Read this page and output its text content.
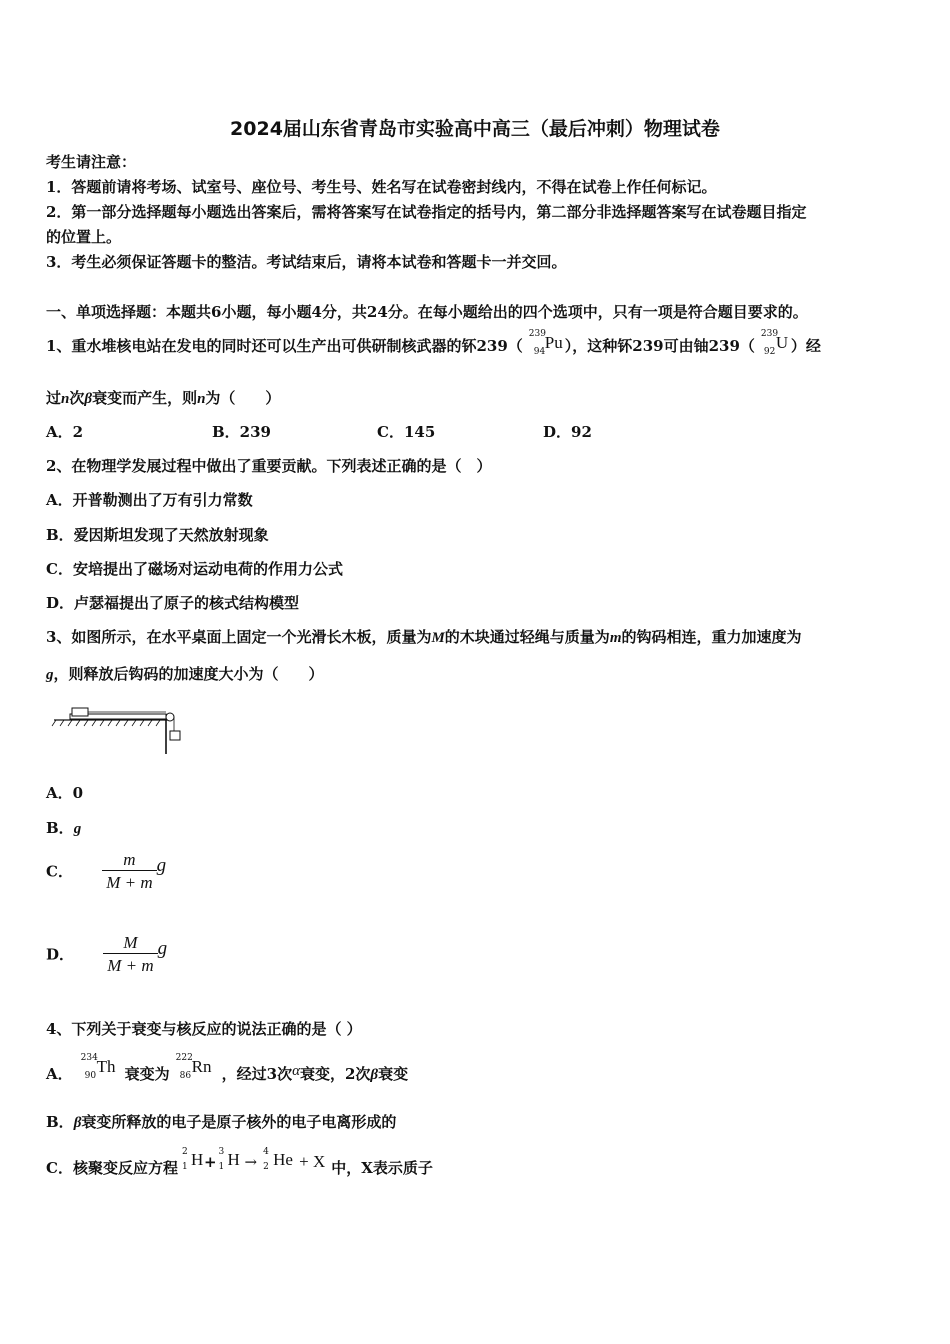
2024届山东省青岛市实验高中高三（最后冲刺）物理试卷
考生请注意：
1．答题前请将考场、试室号、座位号、考生号、姓名写在试卷密封线内，不得在试卷上作任何标记。
2．第一部分选择题每小题选出答案后，需将答案写在试卷指定的括号内，第二部分非选择题答案写在试卷题目指定
的位置上。
3．考生必须保证答题卡的整洁。考试结束后，请将本试卷和答题卡一并交回。
一、单项选择题：本题共6小题，每小题4分，共24分。在每小题给出的四个选项中，只有一项是符合题目要求的。
1、重水堆核电站在发电的同时还可以生产出可供研制核武器的钚239（
239
94 Pu ），这种钚239可由铀239（
239
92 U ）经
过n次β衰变而产生，则n为（　　）
A．2	B．239	C．145	D．92
2、在物理学发展过程中做出了重要贡献。下列表述正确的是（　）
A．开普勒测出了万有引力常数
B．爱因斯坦发现了天然放射现象
C．安培提出了磁场对运动电荷的作用力公式
D．卢瑟福提出了原子的核式结构模型
3、如图所示，在水平桌面上固定一个光滑长木板，质量为M的木块通过轻绳与质量为m的钩码相连，重力加速度为
g，则释放后钩码的加速度大小为（　　）
A．0
B．g
C． $\frac{m}{M + m}$ g
D． $\frac{M}{M + m}$ g
4、下列关于衰变与核反应的说法正确的是（ ）
A．
234
90 Th 衰变为
222
86 Rn ，经过3次α衰变，2次β衰变
B．β衰变所释放的电子是原子核外的电子电离形成的
C．核聚变反应方程
2
1 H +
3
1 H →
4
2 He + X 中，X表示质子
